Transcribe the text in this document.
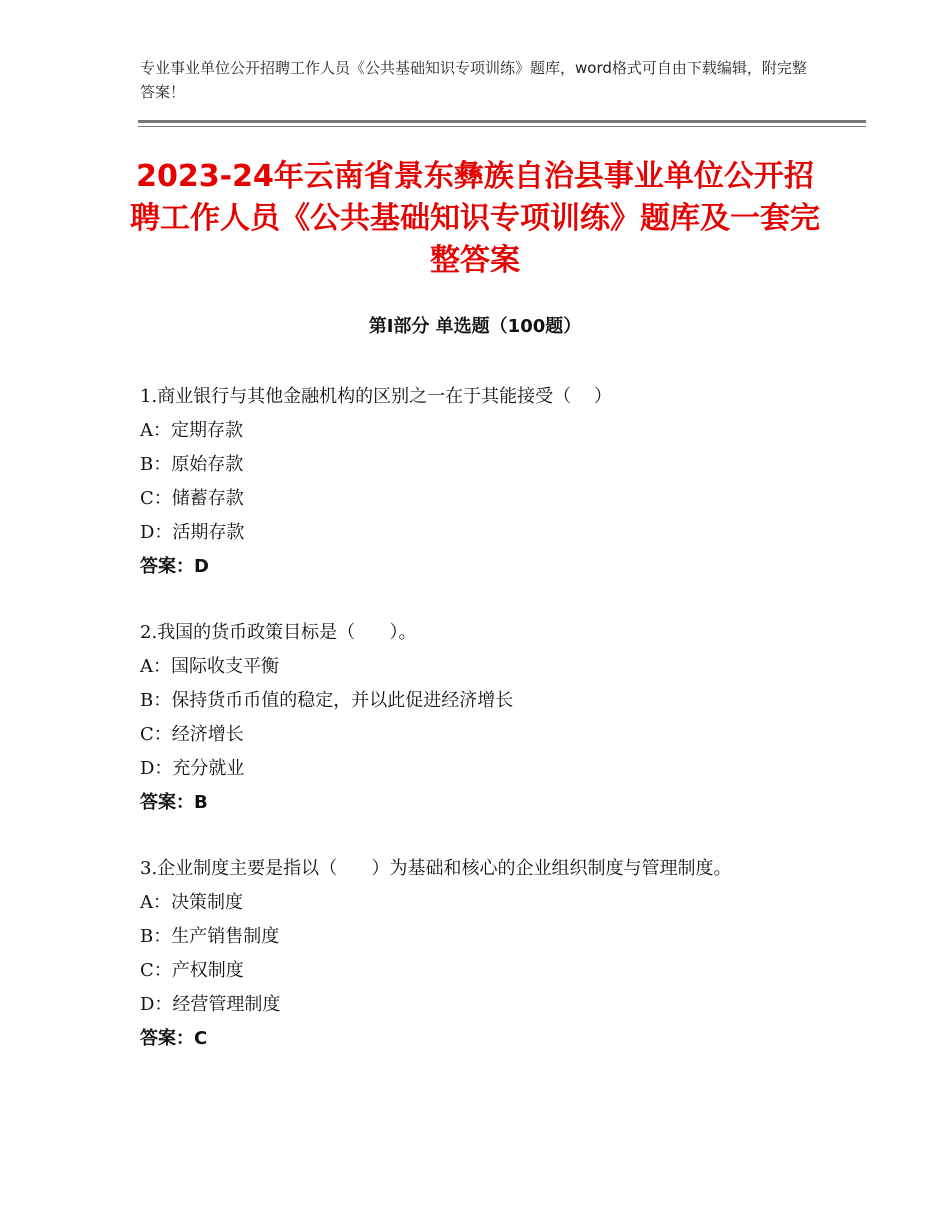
专业事业单位公开招聘工作人员《公共基础知识专项训练》题库，word格式可自由下载编辑，附完整答案！
2023-24年云南省景东彝族自治县事业单位公开招聘工作人员《公共基础知识专项训练》题库及一套完整答案
第Ⅰ部分 单选题（100题）
1.商业银行与其他金融机构的区别之一在于其能接受（    ）
A：定期存款
B：原始存款
C：储蓄存款
D：活期存款
答案：D
2.我国的货币政策目标是（      ）。
A：国际收支平衡
B：保持货币币值的稳定，并以此促进经济增长
C：经济增长
D：充分就业
答案：B
3.企业制度主要是指以（      ）为基础和核心的企业组织制度与管理制度。
A：决策制度
B：生产销售制度
C：产权制度
D：经营管理制度
答案：C
